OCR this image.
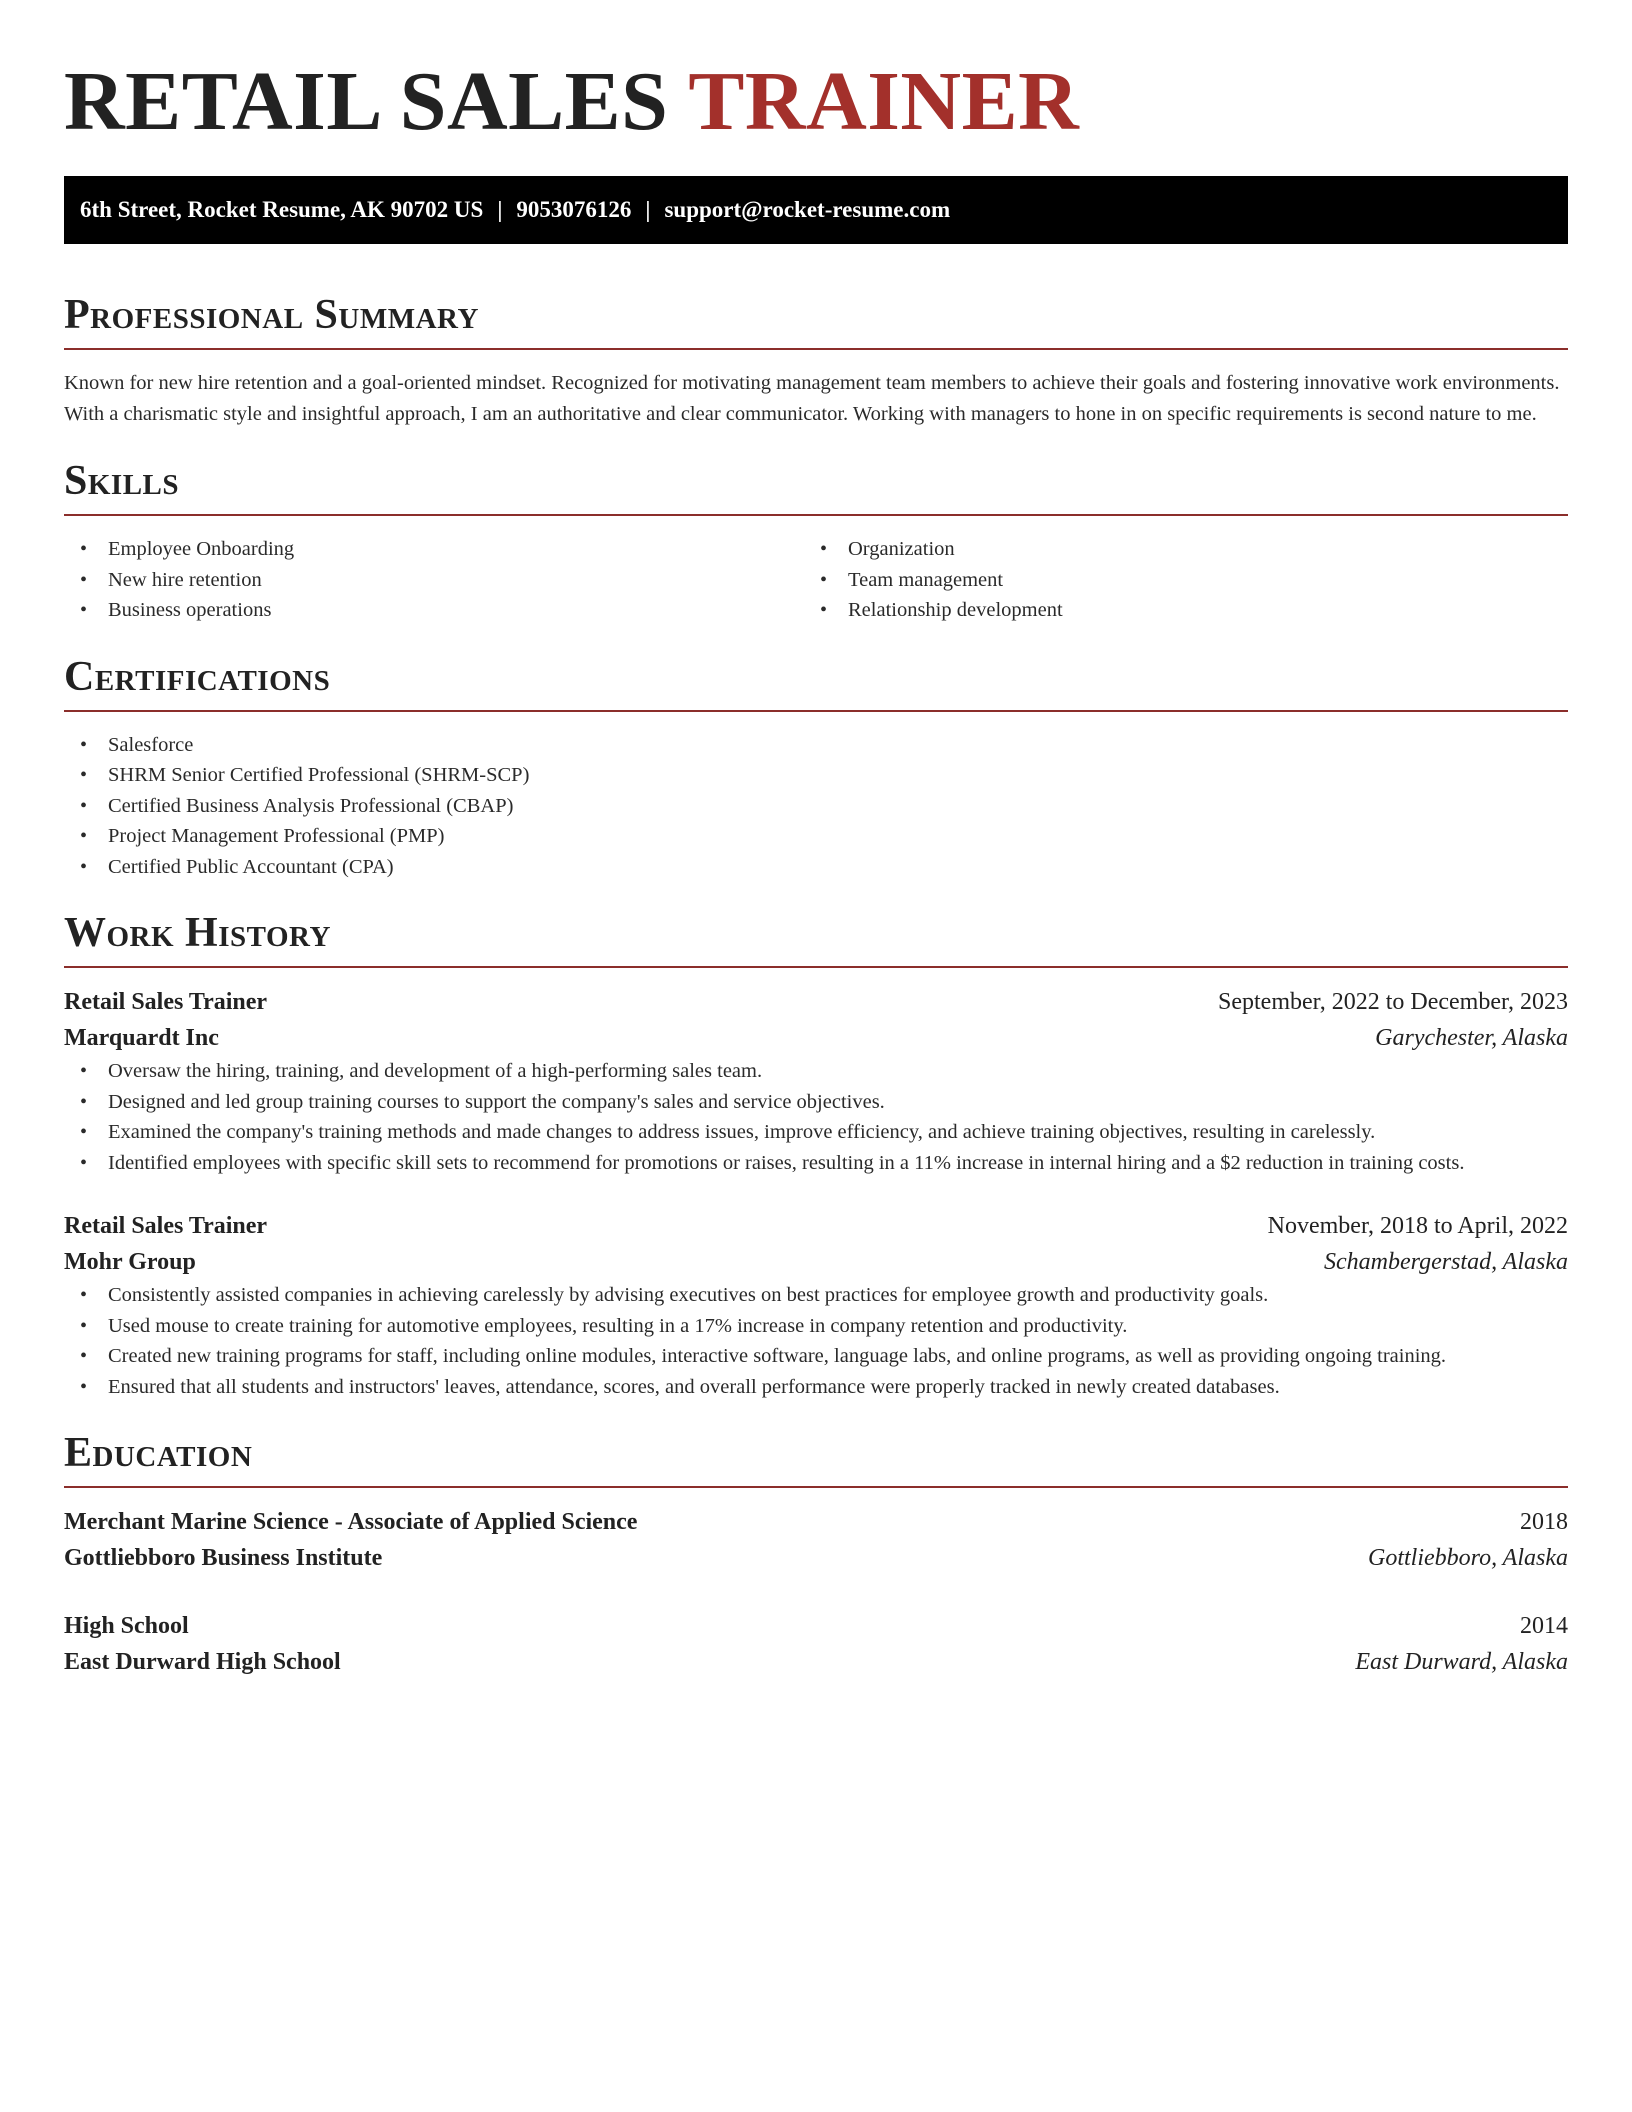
RETAIL SALES TRAINER
6th Street, Rocket Resume, AK 90702 US | 9053076126 | support@rocket-resume.com
Professional Summary

Known for new hire retention and a goal-oriented mindset. Recognized for motivating management team members to achieve their goals and fostering innovative work environments. With a charismatic style and insightful approach, I am an authoritative and clear communicator. Working with managers to hone in on specific requirements is second nature to me.

Skills
• Employee Onboarding
• New hire retention
• Business operations
• Organization
• Team management
• Relationship development
Certifications
• Salesforce
• SHRM Senior Certified Professional (SHRM-SCP)
• Certified Business Analysis Professional (CBAP)
• Project Management Professional (PMP)
• Certified Public Accountant (CPA)
Work History
Retail Sales Trainer	September, 2022 to December, 2023
Marquardt Inc	Garychester, Alaska
• Oversaw the hiring, training, and development of a high-performing sales team.
• Designed and led group training courses to support the company's sales and service objectives.
• Examined the company's training methods and made changes to address issues, improve efficiency, and achieve training objectives, resulting in carelessly.
• Identified employees with specific skill sets to recommend for promotions or raises, resulting in a 11% increase in internal hiring and a $2 reduction in training costs.
Retail Sales Trainer	November, 2018 to April, 2022
Mohr Group	Schambergerstad, Alaska
• Consistently assisted companies in achieving carelessly by advising executives on best practices for employee growth and productivity goals.
• Used mouse to create training for automotive employees, resulting in a 17% increase in company retention and productivity.
• Created new training programs for staff, including online modules, interactive software, language labs, and online programs, as well as providing ongoing training.
• Ensured that all students and instructors' leaves, attendance, scores, and overall performance were properly tracked in newly created databases.
Education
Merchant Marine Science - Associate of Applied Science	2018
Gottliebboro Business Institute	Gottliebboro, Alaska
High School	2014
East Durward High School	East Durward, Alaska
